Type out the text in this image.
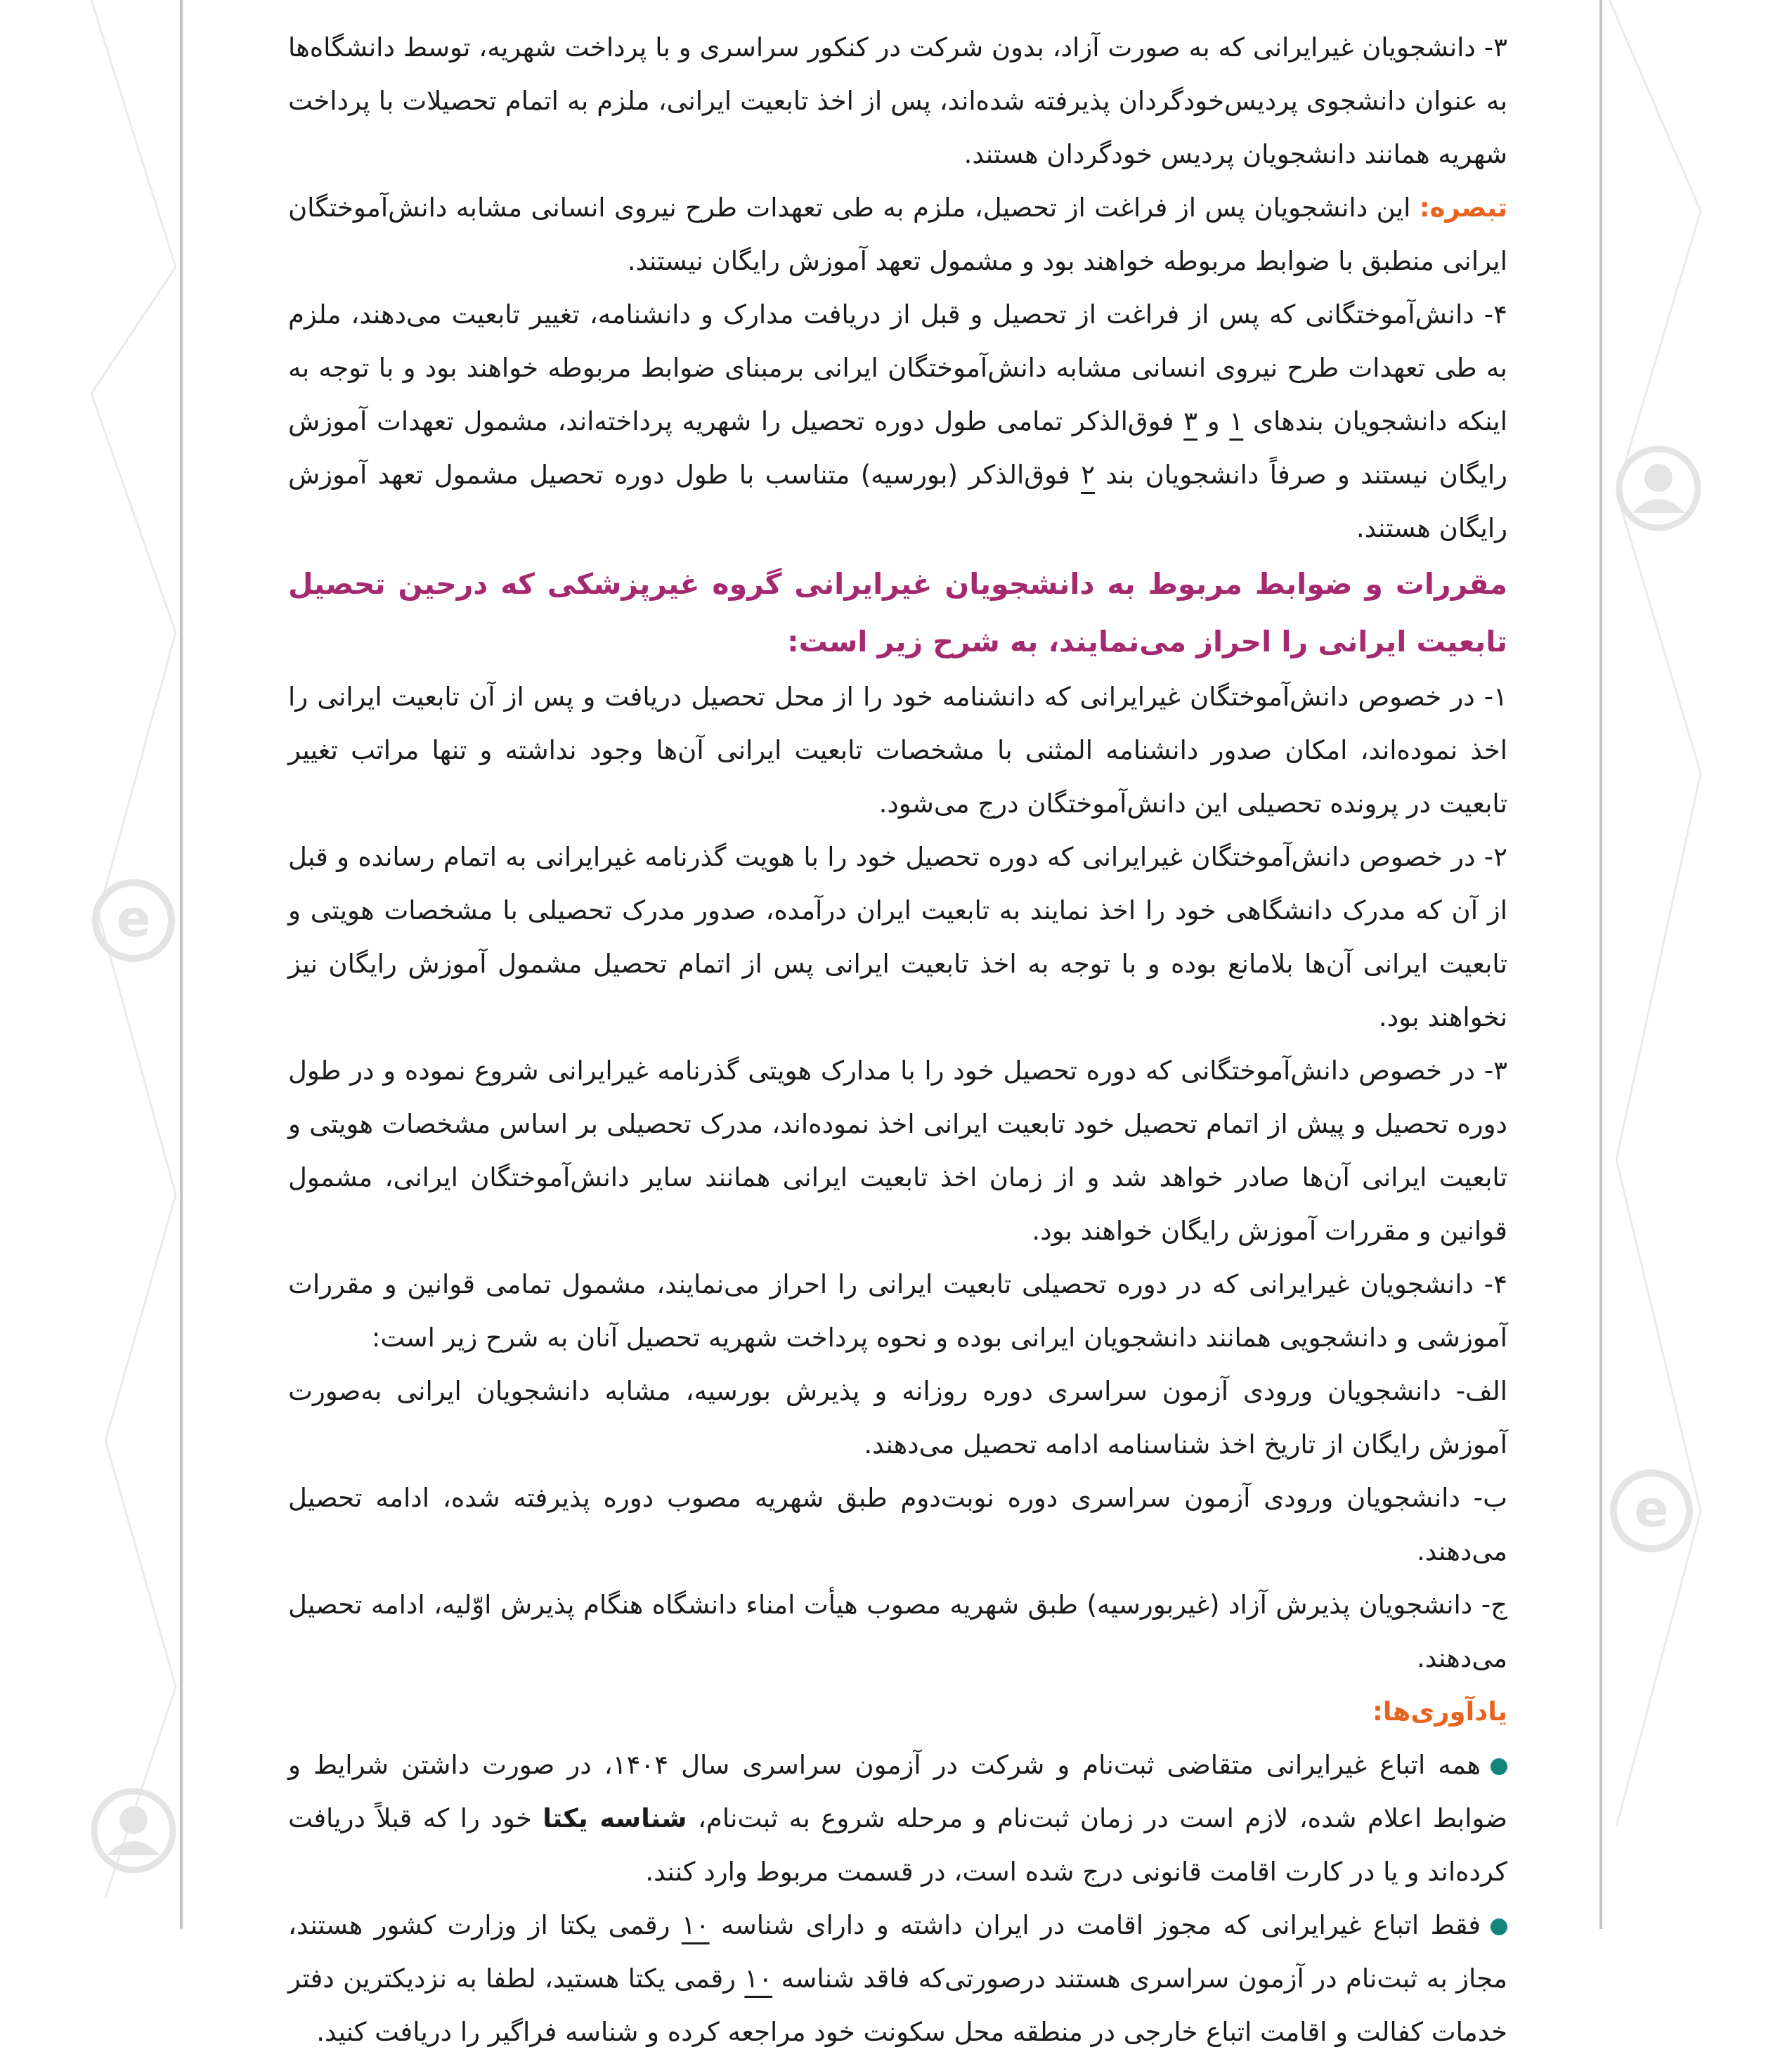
e
e

۳- دانشجویان غیرایرانی که به صورت آزاد، بدون شرکت در کنکور سراسری و با پرداخت شهریه، توسط دانشگاه‌ها به عنوان دانشجوی پردیس‌خودگردان پذیرفته شده‌اند، پس از اخذ تابعیت ایرانی، ملزم به اتمام تحصیلات با پرداخت شهریه همانند دانشجویان پردیس خودگردان هستند.

تبصره: این دانشجویان پس از فراغت از تحصیل، ملزم به طی تعهدات طرح نیروی انسانی مشابه دانش‌آموختگان ایرانی منطبق با ضوابط مربوطه خواهند بود و مشمول تعهد آموزش رایگان نیستند.

۴- دانش‌آموختگانی که پس از فراغت از تحصیل و قبل از دریافت مدارک و دانشنامه، تغییر تابعیت می‌دهند، ملزم به طی تعهدات طرح نیروی انسانی مشابه دانش‌آموختگان ایرانی برمبنای ضوابط مربوطه خواهند بود و با توجه به اینکه دانشجویان بندهای ۱ و ۳ فوق‌الذکر تمامی طول دوره تحصیل را شهریه پرداخته‌اند، مشمول تعهدات آموزش رایگان نیستند و صرفاً دانشجویان بند ۲ فوق‌الذکر (بورسیه) متناسب با طول دوره تحصیل مشمول تعهد آموزش رایگان هستند.

مقررات و ضوابط مربوط به دانشجویان غیرایرانی گروه غیرپزشکی که درحین تحصیل تابعیت ایرانی را احراز می‌نمایند، به شرح زیر است:

۱- در خصوص دانش‌آموختگان غیرایرانی که دانشنامه خود را از محل تحصیل دریافت و پس از آن تابعیت ایرانی را اخذ نموده‌اند، امکان صدور دانشنامه المثنی با مشخصات تابعیت ایرانی آن‌ها وجود نداشته و تنها مراتب تغییر تابعیت در پرونده تحصیلی این دانش‌آموختگان درج می‌شود.

۲- در خصوص دانش‌آموختگان غیرایرانی که دوره تحصیل خود را با هویت گذرنامه غیرایرانی به اتمام رسانده و قبل از آن که مدرک دانشگاهی خود را اخذ نمایند به تابعیت ایران درآمده، صدور مدرک تحصیلی با مشخصات هویتی و تابعیت ایرانی آن‌ها بلامانع بوده و با توجه به اخذ تابعیت ایرانی پس از اتمام تحصیل مشمول آموزش رایگان نیز نخواهند بود.

۳- در خصوص دانش‌آموختگانی که دوره تحصیل خود را با مدارک هویتی گذرنامه غیرایرانی شروع نموده و در طول دوره تحصیل و پیش از اتمام تحصیل خود تابعیت ایرانی اخذ نموده‌اند، مدرک تحصیلی بر اساس مشخصات هویتی و تابعیت ایرانی آن‌ها صادر خواهد شد و از زمان اخذ تابعیت ایرانی همانند سایر دانش‌آموختگان ایرانی، مشمول قوانین و مقررات آموزش رایگان خواهند بود.

۴- دانشجویان غیرایرانی که در دوره تحصیلی تابعیت ایرانی را احراز می‌نمایند، مشمول تمامی قوانین و مقررات آموزشی و دانشجویی همانند دانشجویان ایرانی بوده و نحوه پرداخت شهریه تحصیل آنان به شرح زیر است:

الف- دانشجویان ورودی آزمون سراسری دوره روزانه و پذیرش بورسیه، مشابه دانشجویان ایرانی به‌صورت آموزش رایگان از تاریخ اخذ شناسنامه ادامه تحصیل می‌دهند.

ب- دانشجویان ورودی آزمون سراسری دوره نوبت‌دوم طبق شهریه مصوب دوره پذیرفته شده، ادامه تحصیل می‌دهند.

ج- دانشجویان پذیرش آزاد (غیربورسیه) طبق شهریه مصوب هیأت امناء دانشگاه هنگام پذیرش اوّلیه، ادامه تحصیل می‌دهند.

یادآوری‌ها:

همه اتباع غیرایرانی متقاضی ثبت‌نام و شرکت در آزمون سراسری سال ۱۴۰۴، در صورت داشتن شرایط و ضوابط اعلام شده، لازم است در زمان ثبت‌نام و مرحله شروع به ثبت‌نام، شناسه یکتا خود را که قبلاً دریافت کرده‌اند و یا در کارت اقامت قانونی درج شده است، در قسمت مربوط وارد کنند.

فقط اتباع غیرایرانی که مجوز اقامت در ایران داشته و دارای شناسه ۱۰ رقمی یکتا از وزارت کشور هستند، مجاز به ثبت‌نام در آزمون سراسری هستند درصورتی‌که فاقد شناسه ۱۰ رقمی یکتا هستید، لطفا به نزدیکترین دفتر خدمات کفالت و اقامت اتباع خارجی در منطقه محل سکونت خود مراجعه کرده و شناسه فراگیر را دریافت کنید.
